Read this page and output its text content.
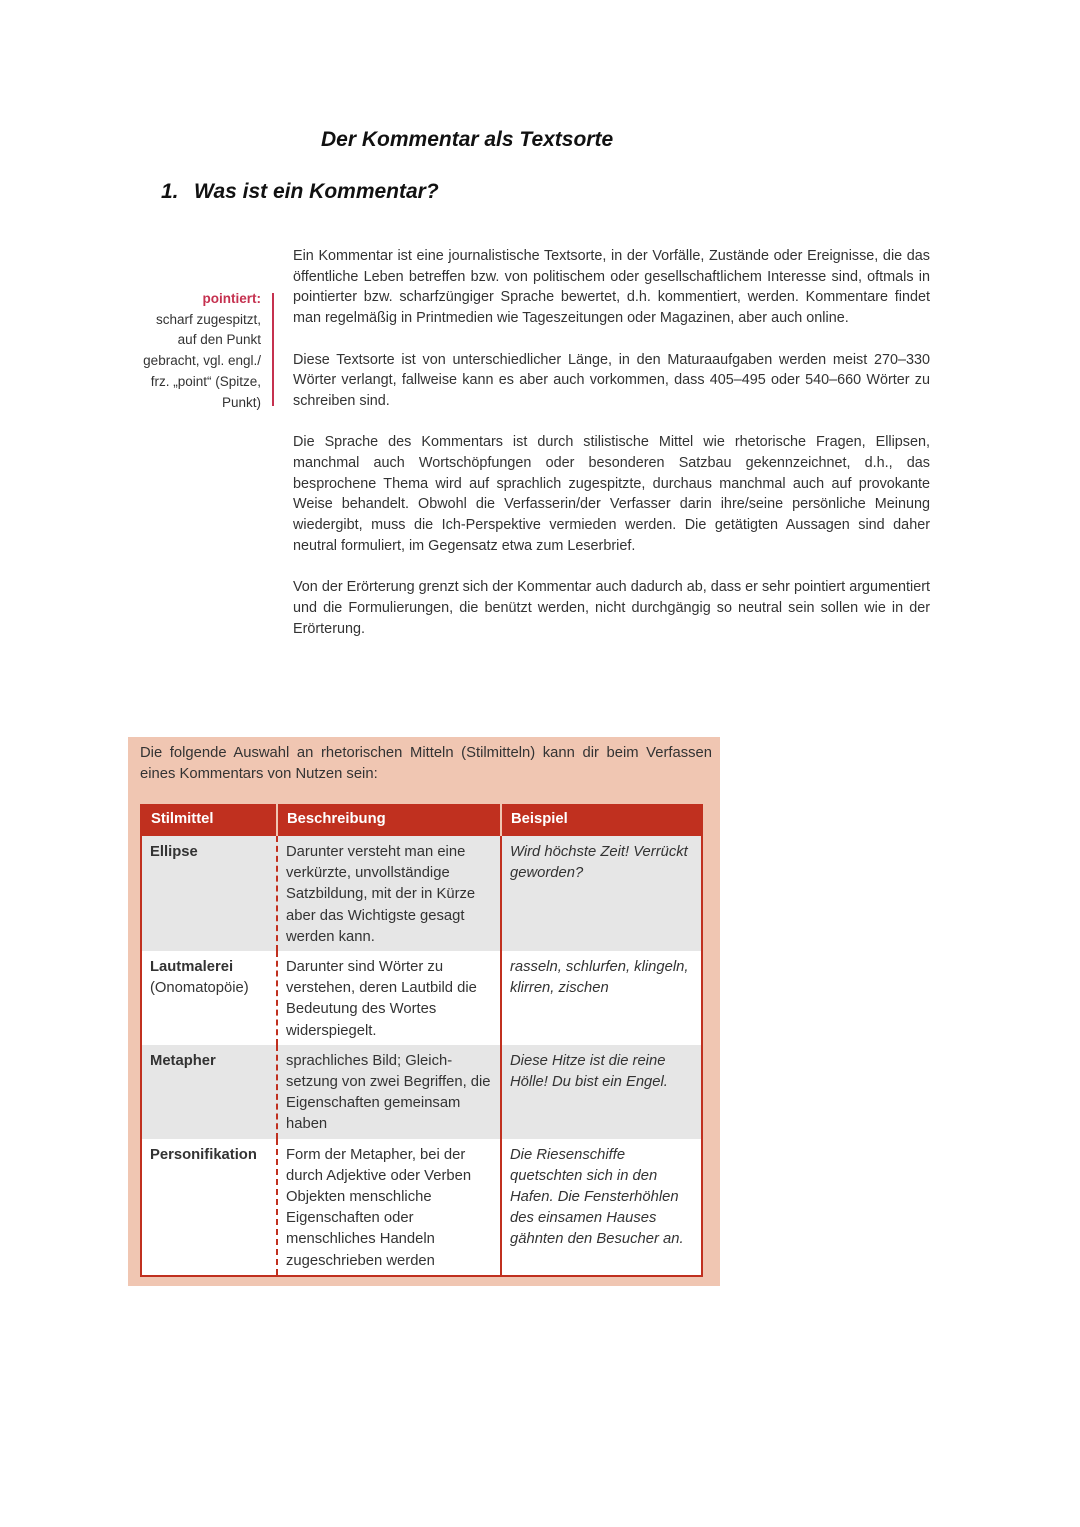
Der Kommentar als Textsorte
1. Was ist ein Kommentar?
pointiert:
scharf zugespitzt,
auf den Punkt
gebracht, vgl. engl./
frz. „point“ (Spitze,
Punkt)

Ein Kommentar ist eine journalistische Textsorte, in der Vorfälle, Zustände oder Ereignisse, die das öffentliche Leben betreffen bzw. von politischem oder gesellschaftlichem Interesse sind, oftmals in pointierter bzw. scharfzüngiger Sprache bewertet, d.h. kommentiert, werden. Kommentare findet man regelmäßig in Printmedien wie Tageszeitungen oder Magazinen, aber auch online.

Diese Textsorte ist von unterschiedlicher Länge, in den Maturaaufgaben werden meist 270–330 Wörter verlangt, fallweise kann es aber auch vorkommen, dass 405–495 oder 540–660 Wörter zu schreiben sind.

Die Sprache des Kommentars ist durch stilistische Mittel wie rhetorische Fragen, Ellipsen, manchmal auch Wortschöpfungen oder besonderen Satzbau gekennzeichnet, d.h., das besprochene Thema wird auf sprachlich zugespitzte, durchaus manchmal auch auf provokante Weise behandelt. Obwohl die Verfasserin/der Verfasser darin ihre/seine persönliche Meinung wiedergibt, muss die Ich-Perspektive vermieden werden. Die getätigten Aussagen sind daher neutral formuliert, im Gegensatz etwa zum Leserbrief.

Von der Erörterung grenzt sich der Kommentar auch dadurch ab, dass er sehr pointiert argumentiert und die Formulierungen, die benützt werden, nicht durchgängig so neutral sein sollen wie in der Erörterung.

Die folgende Auswahl an rhetorischen Mitteln (Stilmitteln) kann dir beim Verfassen eines Kommentars von Nutzen sein:
Stilmittel	Beschreibung	Beispiel

Ellipse	Darunter versteht man eine verkürzte, unvollständige Satzbildung, mit der in Kürze aber das Wichtigste gesagt werden kann.	Wird höchste Zeit! Verrückt geworden?

Lautmalerei
(Onomatopöie)	Darunter sind Wörter zu verstehen, deren Lautbild die Bedeutung des Wortes widerspiegelt.	rasseln, schlurfen, klingeln, klirren, zischen

Metapher	sprachliches Bild; Gleichsetzung von zwei Begriffen, die Eigenschaften gemeinsam haben	Diese Hitze ist die reine Hölle! Du bist ein Engel.

Personifikation	Form der Metapher, bei der durch Adjektive oder Verben Objekten menschliche Eigenschaften oder menschliches Handeln zugeschrieben werden	Die Riesenschiffe quetschten sich in den Hafen. Die Fensterhöhlen des einsamen Hauses gähnten den Besucher an.
